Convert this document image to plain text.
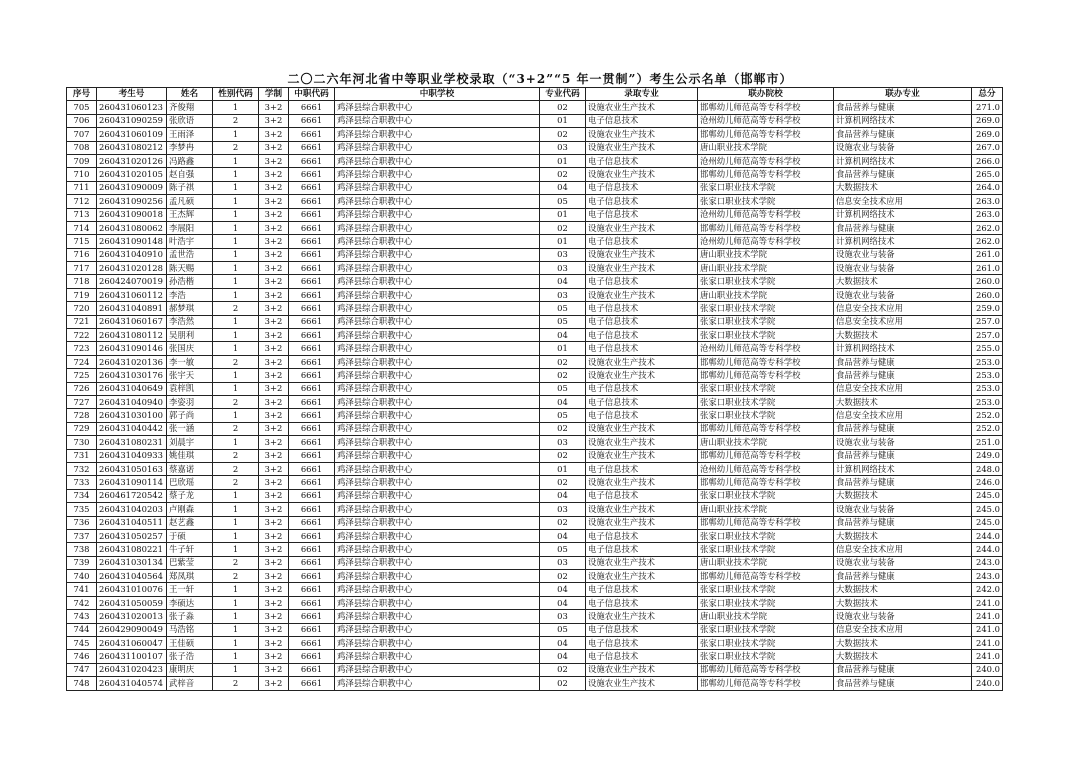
二〇二六年河北省中等职业学校录取（“3+2”“5 年一贯制”）考生公示名单（邯郸市）
序号	考生号	姓名	性别代码	学制	中职代码	中职学校	专业代码	录取专业	联办院校	联办专业	总分
705	260431060123	齐俊翔	1	3+2	6661	鸡泽县综合职教中心	02	设施农业生产技术	邯郸幼儿师范高等专科学校	食品营养与健康	271.0
706	260431090259	张欣语	2	3+2	6661	鸡泽县综合职教中心	01	电子信息技术	沧州幼儿师范高等专科学校	计算机网络技术	269.0
707	260431060109	王雨泽	1	3+2	6661	鸡泽县综合职教中心	02	设施农业生产技术	邯郸幼儿师范高等专科学校	食品营养与健康	269.0
708	260431080212	李梦冉	2	3+2	6661	鸡泽县综合职教中心	03	设施农业生产技术	唐山职业技术学院	设施农业与装备	267.0
709	260431020126	冯路鑫	1	3+2	6661	鸡泽县综合职教中心	01	电子信息技术	沧州幼儿师范高等专科学校	计算机网络技术	266.0
710	260431020105	赵自强	1	3+2	6661	鸡泽县综合职教中心	02	设施农业生产技术	邯郸幼儿师范高等专科学校	食品营养与健康	265.0
711	260431090009	陈子祺	1	3+2	6661	鸡泽县综合职教中心	04	电子信息技术	张家口职业技术学院	大数据技术	264.0
712	260431090256	孟凡硕	1	3+2	6661	鸡泽县综合职教中心	05	电子信息技术	张家口职业技术学院	信息安全技术应用	263.0
713	260431090018	王杰辉	1	3+2	6661	鸡泽县综合职教中心	01	电子信息技术	沧州幼儿师范高等专科学校	计算机网络技术	263.0
714	260431080062	李展阳	1	3+2	6661	鸡泽县综合职教中心	02	设施农业生产技术	邯郸幼儿师范高等专科学校	食品营养与健康	262.0
715	260431090148	叶浩宇	1	3+2	6661	鸡泽县综合职教中心	01	电子信息技术	沧州幼儿师范高等专科学校	计算机网络技术	262.0
716	260431040910	孟世浩	1	3+2	6661	鸡泽县综合职教中心	03	设施农业生产技术	唐山职业技术学院	设施农业与装备	261.0
717	260431020128	陈天赐	1	3+2	6661	鸡泽县综合职教中心	03	设施农业生产技术	唐山职业技术学院	设施农业与装备	261.0
718	260424070019	孙浩楷	1	3+2	6661	鸡泽县综合职教中心	04	电子信息技术	张家口职业技术学院	大数据技术	260.0
719	260431060112	李浩	1	3+2	6661	鸡泽县综合职教中心	03	设施农业生产技术	唐山职业技术学院	设施农业与装备	260.0
720	260431040891	郝梦琪	2	3+2	6661	鸡泽县综合职教中心	05	电子信息技术	张家口职业技术学院	信息安全技术应用	259.0
721	260431060167	李浩然	1	3+2	6661	鸡泽县综合职教中心	05	电子信息技术	张家口职业技术学院	信息安全技术应用	257.0
722	260431080112	吴朋利	1	3+2	6661	鸡泽县综合职教中心	04	电子信息技术	张家口职业技术学院	大数据技术	257.0
723	260431090146	张国庆	1	3+2	6661	鸡泽县综合职教中心	01	电子信息技术	沧州幼儿师范高等专科学校	计算机网络技术	255.0
724	260431020136	李一敏	2	3+2	6661	鸡泽县综合职教中心	02	设施农业生产技术	邯郸幼儿师范高等专科学校	食品营养与健康	253.0
725	260431030176	张宇天	1	3+2	6661	鸡泽县综合职教中心	02	设施农业生产技术	邯郸幼儿师范高等专科学校	食品营养与健康	253.0
726	260431040649	袁梓凯	1	3+2	6661	鸡泽县综合职教中心	05	电子信息技术	张家口职业技术学院	信息安全技术应用	253.0
727	260431040940	李姿羽	2	3+2	6661	鸡泽县综合职教中心	04	电子信息技术	张家口职业技术学院	大数据技术	253.0
728	260431030100	郭子尚	1	3+2	6661	鸡泽县综合职教中心	05	电子信息技术	张家口职业技术学院	信息安全技术应用	252.0
729	260431040442	张一涵	2	3+2	6661	鸡泽县综合职教中心	02	设施农业生产技术	邯郸幼儿师范高等专科学校	食品营养与健康	252.0
730	260431080231	刘晨宇	1	3+2	6661	鸡泽县综合职教中心	03	设施农业生产技术	唐山职业技术学院	设施农业与装备	251.0
731	260431040933	姚佳琪	2	3+2	6661	鸡泽县综合职教中心	02	设施农业生产技术	邯郸幼儿师范高等专科学校	食品营养与健康	249.0
732	260431050163	蔡嘉诺	2	3+2	6661	鸡泽县综合职教中心	01	电子信息技术	沧州幼儿师范高等专科学校	计算机网络技术	248.0
733	260431090114	巴欣瑶	2	3+2	6661	鸡泽县综合职教中心	02	设施农业生产技术	邯郸幼儿师范高等专科学校	食品营养与健康	246.0
734	260461720542	蔡子龙	1	3+2	6661	鸡泽县综合职教中心	04	电子信息技术	张家口职业技术学院	大数据技术	245.0
735	260431040203	卢刚森	1	3+2	6661	鸡泽县综合职教中心	03	设施农业生产技术	唐山职业技术学院	设施农业与装备	245.0
736	260431040511	赵艺鑫	1	3+2	6661	鸡泽县综合职教中心	02	设施农业生产技术	邯郸幼儿师范高等专科学校	食品营养与健康	245.0
737	260431050257	于硕	1	3+2	6661	鸡泽县综合职教中心	04	电子信息技术	张家口职业技术学院	大数据技术	244.0
738	260431080221	牛子轩	1	3+2	6661	鸡泽县综合职教中心	05	电子信息技术	张家口职业技术学院	信息安全技术应用	244.0
739	260431030134	巴紫莹	2	3+2	6661	鸡泽县综合职教中心	03	设施农业生产技术	唐山职业技术学院	设施农业与装备	243.0
740	260431040564	郑凤琪	2	3+2	6661	鸡泽县综合职教中心	02	设施农业生产技术	邯郸幼儿师范高等专科学校	食品营养与健康	243.0
741	260431010076	王一轩	1	3+2	6661	鸡泽县综合职教中心	04	电子信息技术	张家口职业技术学院	大数据技术	242.0
742	260431050059	李硕达	1	3+2	6661	鸡泽县综合职教中心	04	电子信息技术	张家口职业技术学院	大数据技术	241.0
743	260431020013	张子淼	1	3+2	6661	鸡泽县综合职教中心	03	设施农业生产技术	唐山职业技术学院	设施农业与装备	241.0
744	260429090049	马浩铭	1	3+2	6661	鸡泽县综合职教中心	05	电子信息技术	张家口职业技术学院	信息安全技术应用	241.0
745	260431060047	王佳硕	1	3+2	6661	鸡泽县综合职教中心	04	电子信息技术	张家口职业技术学院	大数据技术	241.0
746	260431100107	张子浩	1	3+2	6661	鸡泽县综合职教中心	04	电子信息技术	张家口职业技术学院	大数据技术	241.0
747	260431020423	康明庆	1	3+2	6661	鸡泽县综合职教中心	02	设施农业生产技术	邯郸幼儿师范高等专科学校	食品营养与健康	240.0
748	260431040574	武梓音	2	3+2	6661	鸡泽县综合职教中心	02	设施农业生产技术	邯郸幼儿师范高等专科学校	食品营养与健康	240.0
